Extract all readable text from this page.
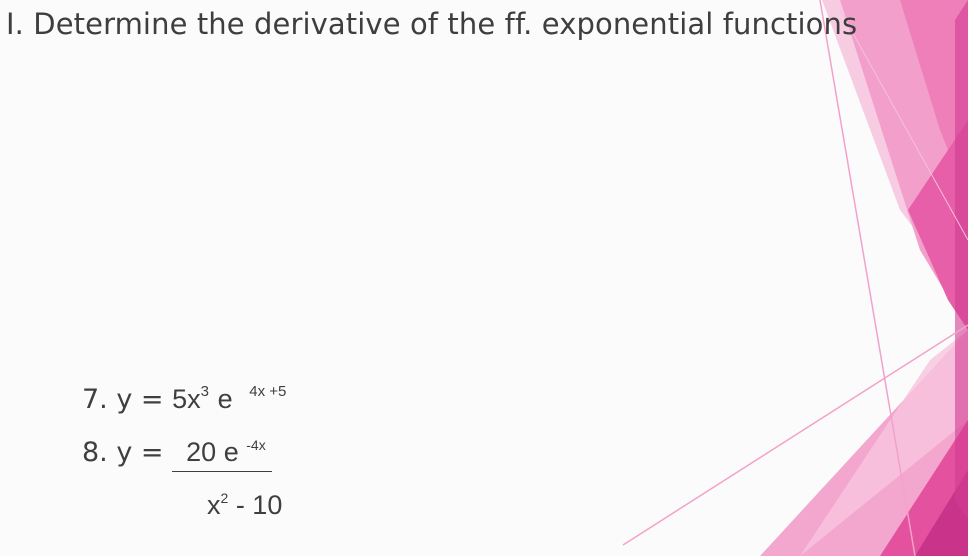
I. Determine the derivative of the ff. exponential functions
7. $y = 5x^3$ e $^{4x +5}$
8. y = 20 e $^{-4x}$
$x^2 - 10$
